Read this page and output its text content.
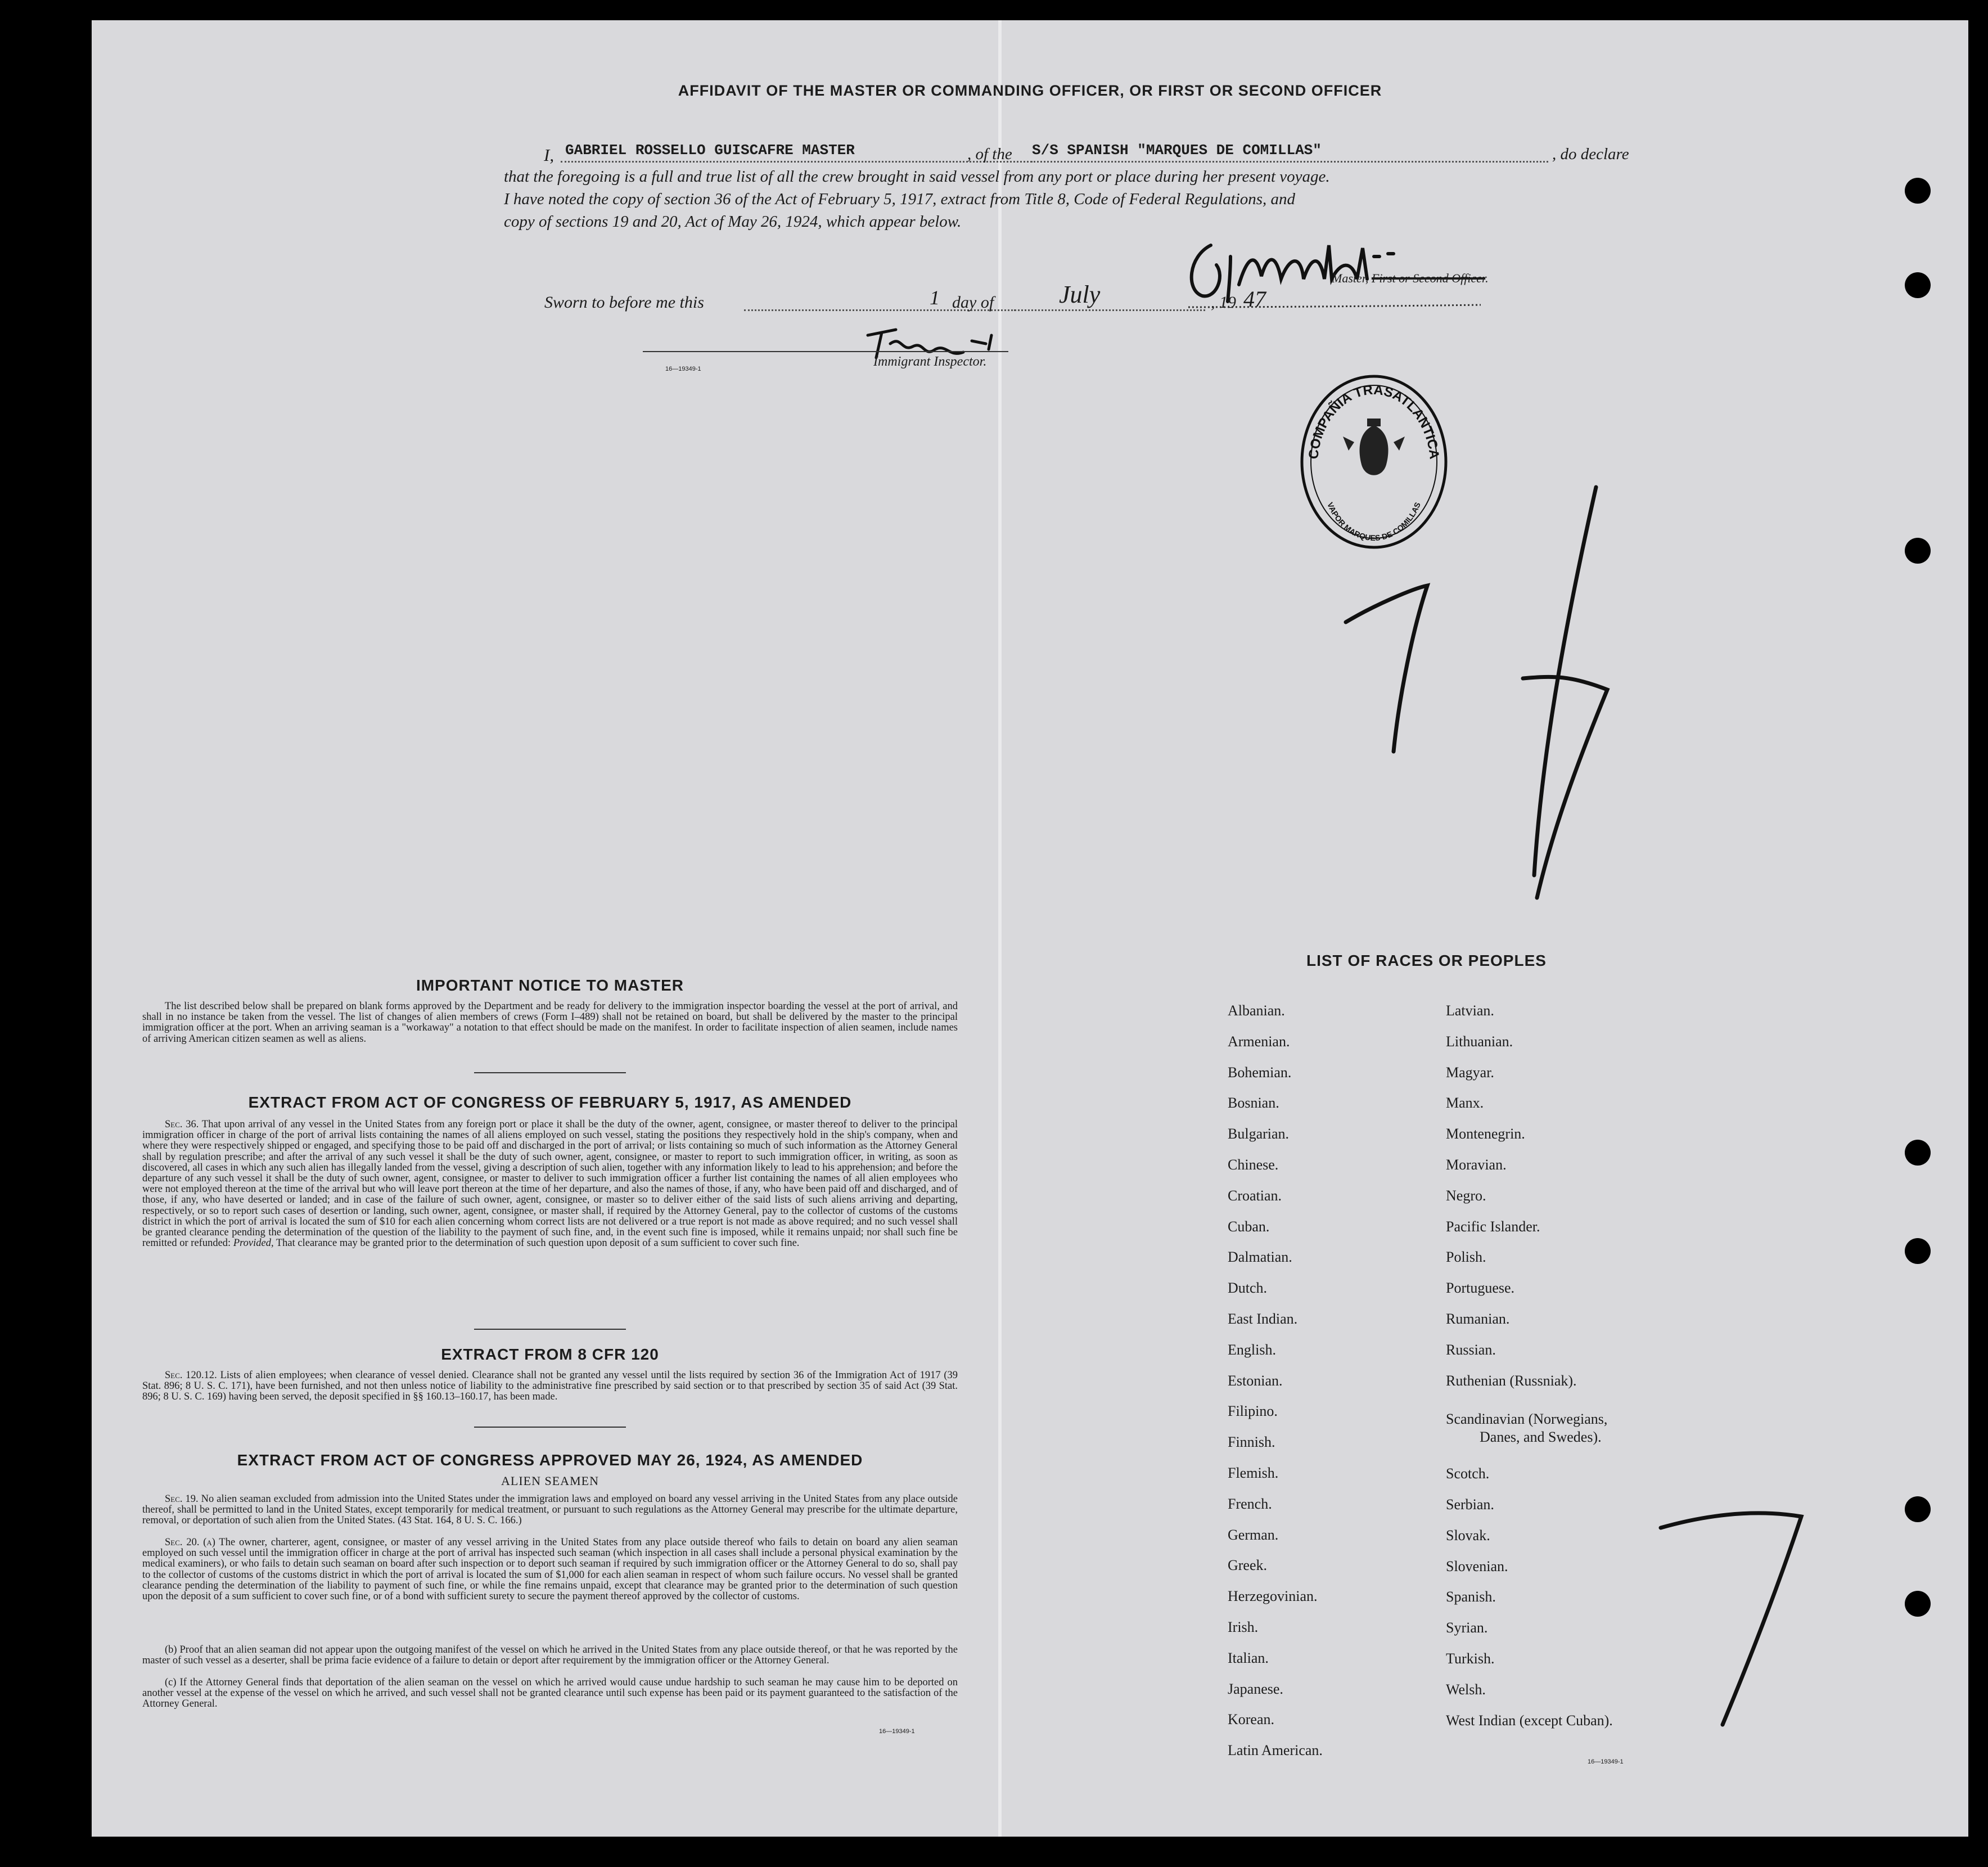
AFFIDAVIT OF THE MASTER OR COMMANDING OFFICER, OR FIRST OR SECOND OFFICER
I, GABRIEL ROSSELLO GUISCAFRE MASTER	, of the S/S SPANISH "MARQUES DE COMILLAS"	, do declare
that the foregoing is a full and true list of all the crew brought in said vessel from any port or place during her present voyage.
I have noted the copy of section 36 of the Act of February 5, 1917, extract from Title 8, Code of Federal Regulations, and
copy of sections 19 and 20, Act of May 26, 1924, which appear below.
Master, First or Second Officer.
Sworn to before me this	1 day of	July	, 19 47
16—19349-1	Immigrant Inspector.
COMPAÑIA TRASATLANTICA
VAPOR MARQUES DE COMILLAS
IMPORTANT NOTICE TO MASTER
The list described below shall be prepared on blank forms approved by the Department and be ready for delivery to the immigration inspector boarding the vessel at the port of arrival, and shall in no instance be taken from the vessel. The list of changes of alien members of crews (Form I–489) shall not be retained on board, but shall be delivered by the master to the principal immigration officer at the port. When an arriving seaman is a "workaway" a notation to that effect should be made on the manifest. In order to facilitate inspection of alien seamen, include names of arriving American citizen seamen as well as aliens.
EXTRACT FROM ACT OF CONGRESS OF FEBRUARY 5, 1917, AS AMENDED
Sec. 36. That upon arrival of any vessel in the United States from any foreign port or place it shall be the duty of the owner, agent, consignee, or master thereof to deliver to the principal immigration officer in charge of the port of arrival lists containing the names of all aliens employed on such vessel, stating the positions they respectively hold in the ship's company, when and where they were respectively shipped or engaged, and specifying those to be paid off and discharged in the port of arrival; or lists containing so much of such information as the Attorney General shall by regulation prescribe; and after the arrival of any such vessel it shall be the duty of such owner, agent, consignee, or master to report to such immigration officer, in writing, as soon as discovered, all cases in which any such alien has illegally landed from the vessel, giving a description of such alien, together with any information likely to lead to his apprehension; and before the departure of any such vessel it shall be the duty of such owner, agent, consignee, or master to deliver to such immigration officer a further list containing the names of all alien employees who were not employed thereon at the time of the arrival but who will leave port thereon at the time of her departure, and also the names of those, if any, who have been paid off and discharged, and of those, if any, who have deserted or landed; and in case of the failure of such owner, agent, consignee, or master so to deliver either of the said lists of such aliens arriving and departing, respectively, or so to report such cases of desertion or landing, such owner, agent, consignee, or master shall, if required by the Attorney General, pay to the collector of customs of the customs district in which the port of arrival is located the sum of $10 for each alien concerning whom correct lists are not delivered or a true report is not made as above required; and no such vessel shall be granted clearance pending the determination of the question of the liability to the payment of such fine, and, in the event such fine is imposed, while it remains unpaid; nor shall such fine be remitted or refunded: Provided, That clearance may be granted prior to the determination of such question upon deposit of a sum sufficient to cover such fine.
EXTRACT FROM 8 CFR 120
Sec. 120.12. Lists of alien employees; when clearance of vessel denied. Clearance shall not be granted any vessel until the lists required by section 36 of the Immigration Act of 1917 (39 Stat. 896; 8 U. S. C. 171), have been furnished, and not then unless notice of liability to the administrative fine prescribed by said section or to that prescribed by section 35 of said Act (39 Stat. 896; 8 U. S. C. 169) having been served, the deposit specified in §§ 160.13–160.17, has been made.
EXTRACT FROM ACT OF CONGRESS APPROVED MAY 26, 1924, AS AMENDED
ALIEN SEAMEN
Sec. 19. No alien seaman excluded from admission into the United States under the immigration laws and employed on board any vessel arriving in the United States from any place outside thereof, shall be permitted to land in the United States, except temporarily for medical treatment, or pursuant to such regulations as the Attorney General may prescribe for the ultimate departure, removal, or deportation of such alien from the United States. (43 Stat. 164, 8 U. S. C. 166.)
Sec. 20. (a) The owner, charterer, agent, consignee, or master of any vessel arriving in the United States from any place outside thereof who fails to detain on board any alien seaman employed on such vessel until the immigration officer in charge at the port of arrival has inspected such seaman (which inspection in all cases shall include a personal physical examination by the medical examiners), or who fails to detain such seaman on board after such inspection or to deport such seaman if required by such immigration officer or the Attorney General to do so, shall pay to the collector of customs of the customs district in which the port of arrival is located the sum of $1,000 for each alien seaman in respect of whom such failure occurs. No vessel shall be granted clearance pending the determination of the liability to payment of such fine, or while the fine remains unpaid, except that clearance may be granted prior to the determination of such question upon the deposit of a sum sufficient to cover such fine, or of a bond with sufficient surety to secure the payment thereof approved by the collector of customs.
(b) Proof that an alien seaman did not appear upon the outgoing manifest of the vessel on which he arrived in the United States from any place outside thereof, or that he was reported by the master of such vessel as a deserter, shall be prima facie evidence of a failure to detain or deport after requirement by the immigration officer or the Attorney General.
(c) If the Attorney General finds that deportation of the alien seaman on the vessel on which he arrived would cause undue hardship to such seaman he may cause him to be deported on another vessel at the expense of the vessel on which he arrived, and such vessel shall not be granted clearance until such expense has been paid or its payment guaranteed to the satisfaction of the Attorney General.
16—19349-1
LIST OF RACES OR PEOPLES
16—19349-1
Albanian.
Armenian.
Bohemian.
Bosnian.
Bulgarian.
Chinese.
Croatian.
Cuban.
Dalmatian.
Dutch.
East Indian.
English.
Estonian.
Filipino.
Finnish.
Flemish.
French.
German.
Greek.
Herzegovinian.
Irish.
Italian.
Japanese.
Korean.
Latin American.
Latvian.
Lithuanian.
Magyar.
Manx.
Montenegrin.
Moravian.
Negro.
Pacific Islander.
Polish.
Portuguese.
Rumanian.
Russian.
Ruthenian (Russniak).
Scandinavian (Norwegians,
Danes, and Swedes).
Scotch.
Serbian.
Slovak.
Slovenian.
Spanish.
Syrian.
Turkish.
Welsh.
West Indian (except Cuban).
